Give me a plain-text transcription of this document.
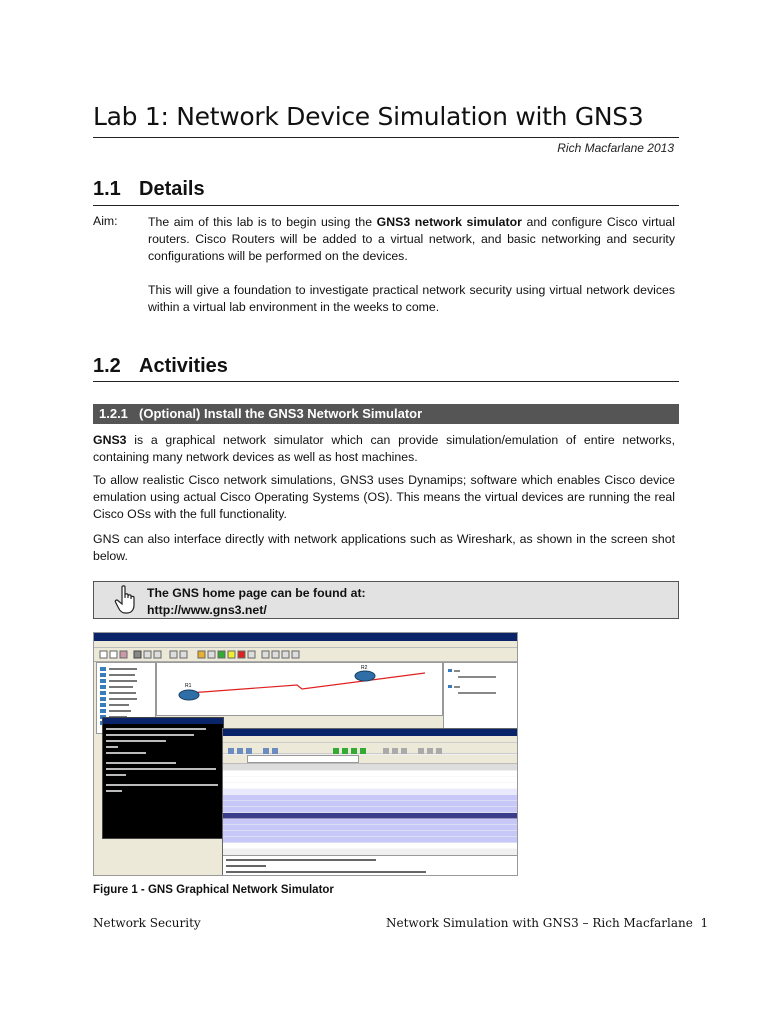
Lab 1: Network Device Simulation with GNS3
Rich Macfarlane 2013
1.1 Details
Aim: The aim of this lab is to begin using the GNS3 network simulator and configure Cisco virtual routers. Cisco Routers will be added to a virtual network, and basic networking and security configurations will be performed on the devices.
This will give a foundation to investigate practical network security using virtual network devices within a virtual lab environment in the weeks to come.
1.2 Activities
1.2.1 (Optional) Install the GNS3 Network Simulator
GNS3 is a graphical network simulator which can provide simulation/emulation of entire networks, containing many network devices as well as host machines.
To allow realistic Cisco network simulations, GNS3 uses Dynamips; software which enables Cisco device emulation using actual Cisco Operating Systems (OS). This means the virtual devices are running the real Cisco OSs with the full functionality.
GNS can also interface directly with network applications such as Wireshark, as shown in the screen shot below.
The GNS home page can be found at:
http://www.gns3.net/
R1
R2
Figure 1 - GNS Graphical Network Simulator
Network Security	Network Simulation with GNS3 – Rich Macfarlane 1
